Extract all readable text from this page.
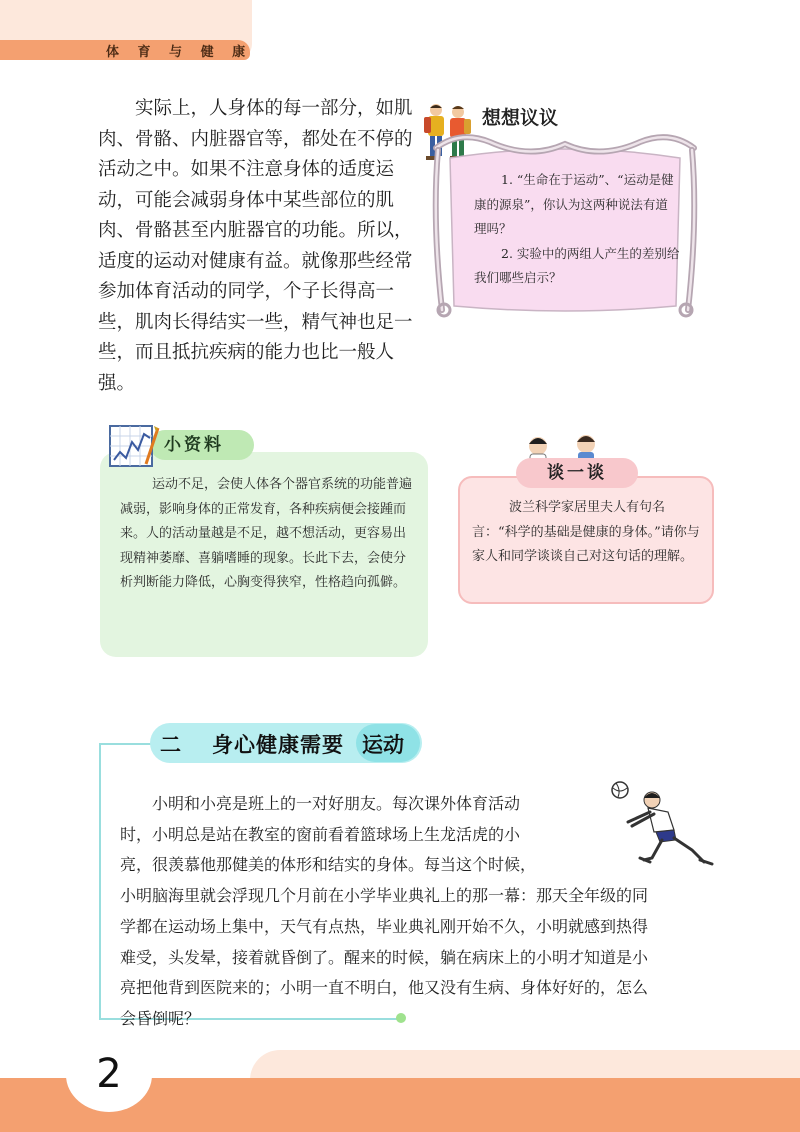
体 育 与 健 康

实际上，人身体的每一部分，如肌肉、骨骼、内脏器官等，都处在不停的活动之中。如果不注意身体的适度运动，可能会减弱身体中某些部位的肌肉、骨骼甚至内脏器官的功能。所以，适度的运动对健康有益。就像那些经常参加体育活动的同学，个子长得高一些，肌肉长得结实一些，精气神也足一些，而且抵抗疾病的能力也比一般人强。

想想议议

1. “生命在于运动”、“运动是健康的源泉”，你认为这两种说法有道理吗？

2. 实验中的两组人产生的差别给我们哪些启示？

小资料

运动不足，会使人体各个器官系统的功能普遍减弱，影响身体的正常发育，各种疾病便会接踵而来。人的活动量越是不足，越不想活动，更容易出现精神萎靡、喜躺嗜睡的现象。长此下去，会使分析判断能力降低，心胸变得狭窄，性格趋向孤僻。

谈一谈

波兰科学家居里夫人有句名言：“科学的基础是健康的身体。”请你与家人和同学谈谈自己对这句话的理解。

二 身心健康需要 运动
　　小明和小亮是班上的一对好朋友。每次课外体育活动
时，小明总是站在教室的窗前看着篮球场上生龙活虎的小
亮，很羡慕他那健美的体形和结实的身体。每当这个时候，
小明脑海里就会浮现几个月前在小学毕业典礼上的那一幕：那天全年级的同
学都在运动场上集中，天气有点热，毕业典礼刚开始不久，小明就感到热得
难受，头发晕，接着就昏倒了。醒来的时候，躺在病床上的小明才知道是小
亮把他背到医院来的；小明一直不明白，他又没有生病、身体好好的，怎么
会昏倒呢？
2
